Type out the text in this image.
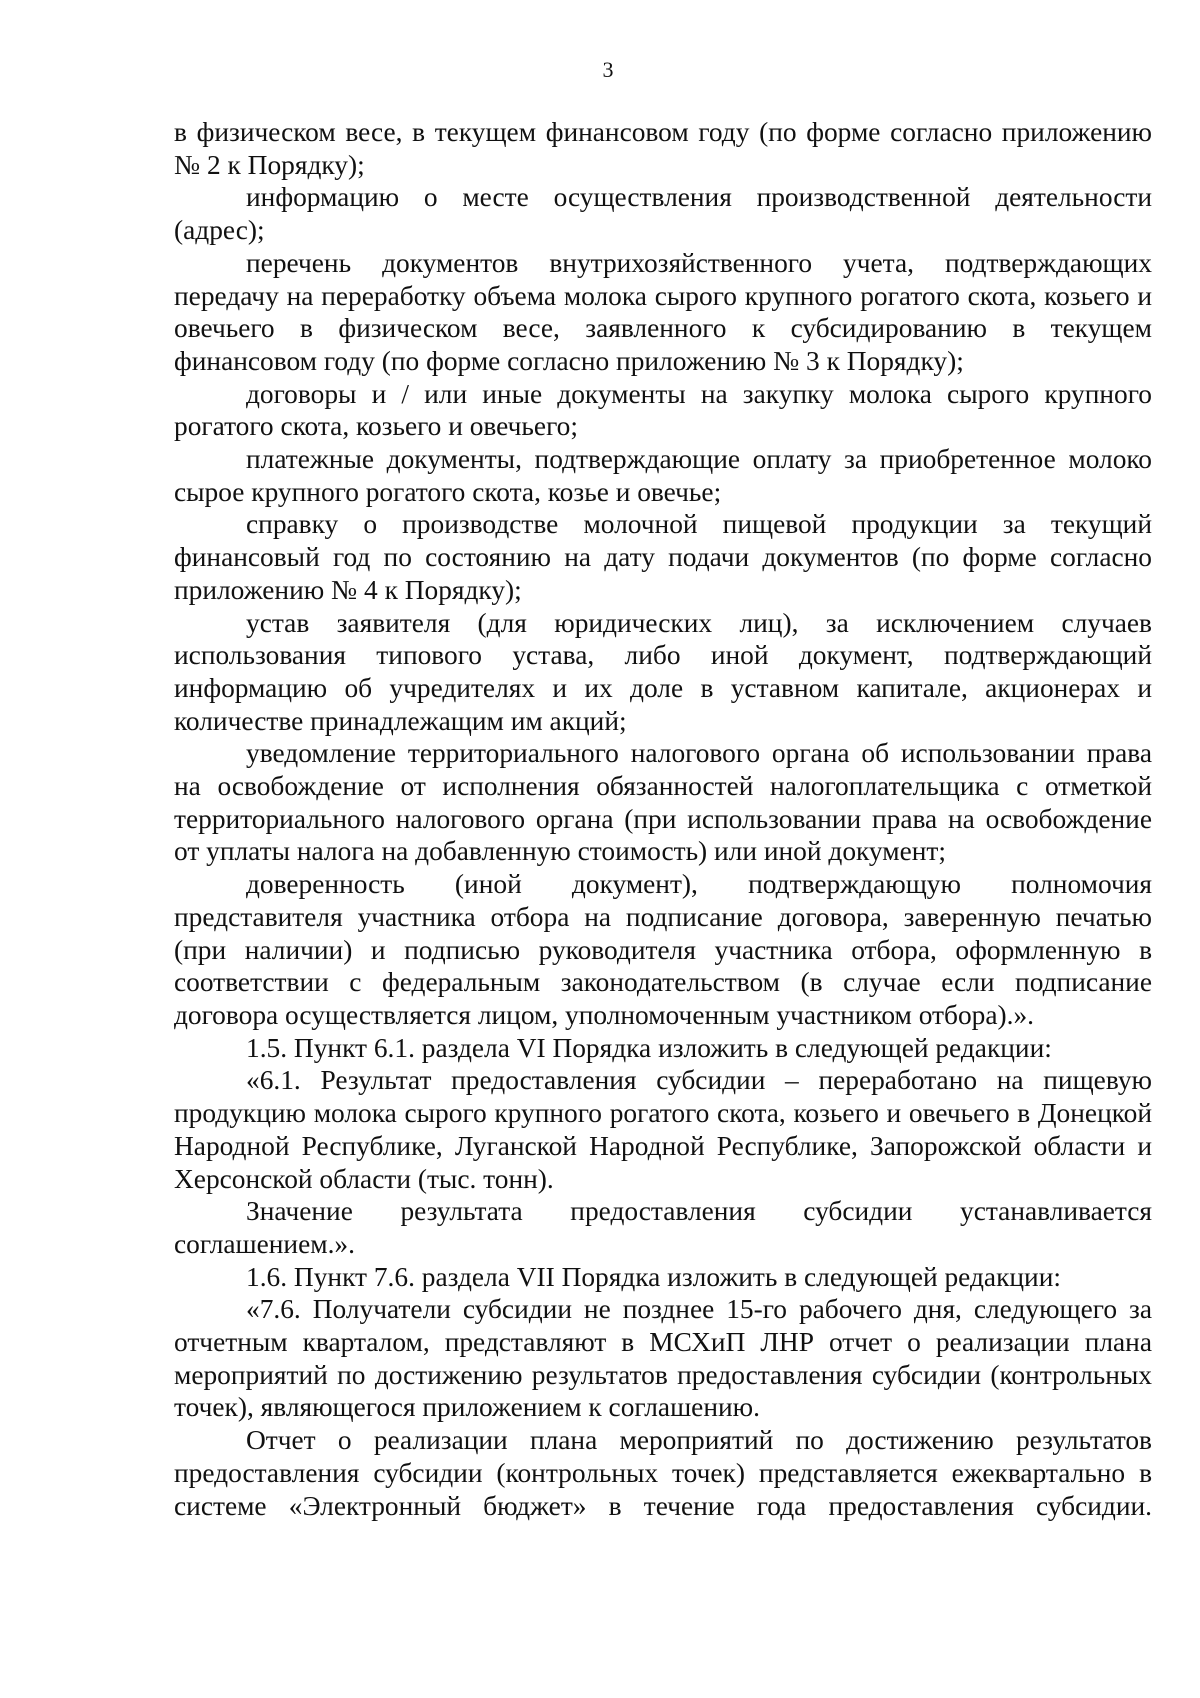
3

в физическом весе, в текущем финансовом году (по форме согласно приложению № 2 к Порядку);

информацию о месте осуществления производственной деятельности (адрес);

перечень документов внутрихозяйственного учета, подтверждающих передачу на переработку объема молока сырого крупного рогатого скота, козьего и овечьего в физическом весе, заявленного к субсидированию в текущем финансовом году (по форме согласно приложению № 3 к Порядку);

договоры и / или иные документы на закупку молока сырого крупного рогатого скота, козьего и овечьего;

платежные документы, подтверждающие оплату за приобретенное молоко сырое крупного рогатого скота, козье и овечье;

справку о производстве молочной пищевой продукции за текущий финансовый год по состоянию на дату подачи документов (по форме согласно приложению № 4 к Порядку);

устав заявителя (для юридических лиц), за исключением случаев использования типового устава, либо иной документ, подтверждающий информацию об учредителях и их доле в уставном капитале, акционерах и количестве принадлежащим им акций;

уведомление территориального налогового органа об использовании права на освобождение от исполнения обязанностей налогоплательщика с отметкой территориального налогового органа (при использовании права на освобождение от уплаты налога на добавленную стоимость) или иной документ;

доверенность (иной документ), подтверждающую полномочия представителя участника отбора на подписание договора, заверенную печатью (при наличии) и подписью руководителя участника отбора, оформленную в соответствии с федеральным законодательством (в случае если подписание договора осуществляется лицом, уполномоченным участником отбора).».

1.5. Пункт 6.1. раздела VI Порядка изложить в следующей редакции:

«6.1. Результат предоставления субсидии – переработано на пищевую продукцию молока сырого крупного рогатого скота, козьего и овечьего в Донецкой Народной Республике, Луганской Народной Республике, Запорожской области и Херсонской области (тыс. тонн).

Значение результата предоставления субсидии устанавливается соглашением.».

1.6. Пункт 7.6. раздела VII Порядка изложить в следующей редакции:

«7.6. Получатели субсидии не позднее 15-го рабочего дня, следующего за отчетным кварталом, представляют в МСХиП ЛНР отчет о реализации плана мероприятий по достижению результатов предоставления субсидии (контрольных точек), являющегося приложением к соглашению.

Отчет о реализации плана мероприятий по достижению результатов предоставления субсидии (контрольных точек) представляется ежеквартально в системе «Электронный бюджет» в течение года предоставления субсидии.
